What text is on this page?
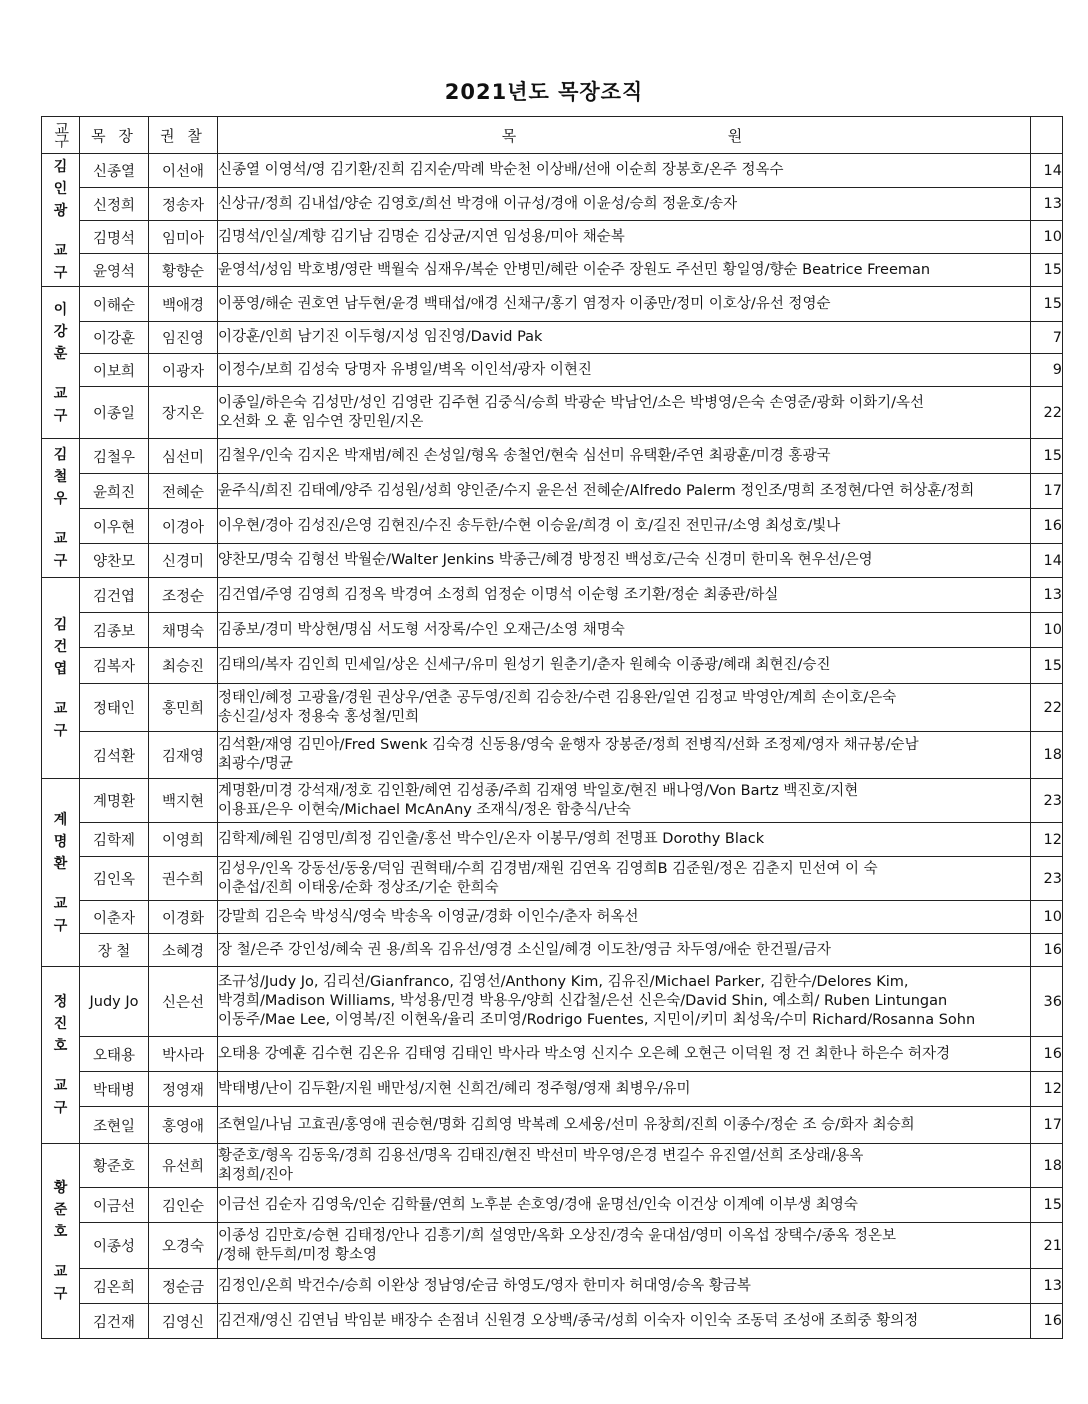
2021년도 목장조직
교구	목 장	권 찰	목 원	

김인광
교구	신종열	이선애	신종열 이영석/영 김기환/진희 김지순/막례 박순천 이상배/선애 이순희 장봉호/온주 정옥수	14
	신정희	정송자	신상규/정희 김내섭/양순 김영호/희선 박경애 이규성/경애 이윤성/승희 정윤호/송자	13
	김명석	임미아	김명석/인실/계향 김기남 김명순 김상균/지연 임성용/미아 채순복	10
	윤영석	황향순	윤영석/성임 박호병/영란 백월숙 심재우/복순 안병민/혜란 이순주 장원도 주선민 황일영/향순 Beatrice Freeman	15

이강훈
교구	이해순	백애경	이풍영/해순 권호연 남두현/윤경 백태섭/애경 신채구/홍기 염정자 이종만/정미 이호상/유선 정영순	15
	이강훈	임진영	이강훈/인희 남기진 이두형/지성 임진영/David Pak	7
	이보희	이광자	이정수/보희 김성숙 당명자 유병일/벽옥 이인석/광자 이현진	9
	이종일	장지온	이종일/하은숙 김성만/성인 김영란 김주현 김중식/승희 박광순 박남언/소은 박병영/은숙 손영준/광화 이화기/옥선
오선화 오 훈 임수연 장민원/지온	22

김철우
교구	김철우	심선미	김철우/인숙 김지온 박재범/혜진 손성일/형옥 송철언/현숙 심선미 유택환/주연 최광훈/미경 홍광국	15
	윤희진	전혜순	윤주식/희진 김태예/양주 김성원/성희 양인준/수지 윤은선 전혜순/Alfredo Palerm 정인조/명희 조정현/다연 허상훈/정희	17
	이우현	이경아	이우현/경아 김성진/은영 김현진/수진 송두한/수현 이승윤/희경 이 호/길진 전민규/소영 최성호/빛나	16
	양찬모	신경미	양찬모/명숙 김형선 박월순/Walter Jenkins 박종근/혜경 방정진 백성호/근숙 신경미 한미옥 현우선/은영	14

김건엽
교구	김건엽	조정순	김건엽/주영 김영희 김정옥 박경여 소정희 엄정순 이명석 이순형 조기환/정순 최종관/하실	13
	김종보	채명숙	김종보/경미 박상현/명심 서도형 서장록/수인 오재근/소영 채명숙	10
	김복자	최승진	김태의/복자 김인희 민세일/상온 신세구/유미 원성기 원춘기/춘자 원혜숙 이종광/혜래 최현진/승진	15
	정태인	홍민희	정태인/혜정 고광율/경원 권상우/연춘 공두영/진희 김승찬/수련 김용완/일연 김정교 박영안/계희 손이호/은숙
송신길/성자 정용숙 홍성철/민희	22
	김석환	김재영	김석환/재영 김민아/Fred Swenk 김숙경 신동용/영숙 윤행자 장봉준/정희 전병직/선화 조정제/영자 채규봉/순남
최광수/명균	18

계명환
교구	계명환	백지현	계명환/미경 강석재/정호 김인환/혜연 김성종/주희 김재영 박일호/현진 배나영/Von Bartz 백진호/지현
이용표/은우 이현숙/Michael McAnAny 조재식/정온 함충식/난숙	23
	김학제	이영희	김학제/혜원 김영민/희정 김인출/홍선 박수인/온자 이봉무/영희 전명표 Dorothy Black	12
	김인옥	권수희	김성우/인옥 강동선/동웅/덕임 권혁태/수희 김경범/재원 김연옥 김영희B 김준원/정온 김춘지 민선여 이 숙
이춘섭/진희 이태웅/순화 정상조/기순 한희숙	23
	이춘자	이경화	강말희 김은숙 박성식/영숙 박송옥 이영균/경화 이인수/춘자 허옥선	10
	장 철	소혜경	장 철/은주 강인성/혜숙 권 용/희옥 김유선/영경 소신일/혜경 이도찬/영금 차두영/애순 한건필/금자	16

정진호
교구	Judy Jo	신은선	조규성/Judy Jo, 김리선/Gianfranco, 김영선/Anthony Kim, 김유진/Michael Parker, 김한수/Delores Kim,
박경희/Madison Williams, 박성용/민경 박용우/양희 신갑철/은선 신은숙/David Shin, 예소희/ Ruben Lintungan
이동주/Mae Lee, 이영복/진 이현옥/율리 조미영/Rodrigo Fuentes, 지민이/키미 최성욱/수미 Richard/Rosanna Sohn	36
	오태용	박사라	오태용 강예훈 김수현 김온유 김태영 김태인 박사라 박소영 신지수 오은혜 오현근 이덕원 정 건 최한나 하은수 허자경	16
	박태병	정영재	박태병/난이 김두환/지원 배만성/지현 신희건/혜리 정주형/영재 최병우/유미	12
	조현일	홍영애	조현일/나님 고효권/홍영애 권승현/명화 김희영 박복례 오세웅/선미 유창희/진희 이종수/정순 조 승/화자 최승희	17

황준호
교구	황준호	유선희	황준호/형옥 김동욱/경희 김용선/명옥 김태진/현진 박선미 박우영/은경 변길수 유진열/선희 조상래/용옥
최정희/진아	18
	이금선	김인순	이금선 김순자 김영욱/인순 김학률/연희 노후분 손호영/경애 윤명선/인숙 이건상 이계예 이부생 최영숙	15
	이종성	오경숙	이종성 김만호/승현 김태정/안나 김흥기/희 설영만/옥화 오상진/경숙 윤대섬/영미 이옥섭 장택수/종옥 정온보
/정해 한두희/미정 황소영	21
	김온희	정순금	김정인/온희 박건수/승희 이완상 정남영/순금 하영도/영자 한미자 허대영/승옥 황금복	13
	김건재	김영신	김건재/영신 김연님 박임분 배장수 손점녀 신원경 오상백/종국/성희 이숙자 이인숙 조동덕 조성애 조희중 황의정	16
